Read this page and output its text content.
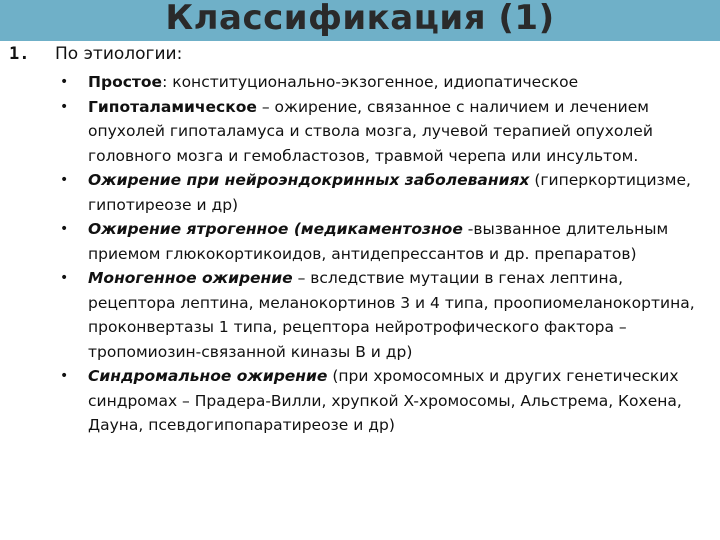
Классификация (1)
1. По этиологии:
• Простое: конституционально-экзогенное, идиопатическое
• Гипоталамическое – ожирение, связанное с наличием и лечением опухолей гипоталамуса и ствола мозга, лучевой терапией опухолей головного мозга и гемобластозов, травмой черепа или инсультом.
• Ожирение при нейроэндокринных заболеваниях (гиперкортицизме, гипотиреозе и др)
• Ожирение ятрогенное (медикаментозное -вызванное длительным приемом глюкокортикоидов, антидепрессантов и др. препаратов)
• Моногенное ожирение – вследствие мутации в генах лептина, рецептора лептина, меланокортинов 3 и 4 типа, проопиомеланокортина, проконвертазы 1 типа, рецептора нейротрофического фактора – тропомиозин-связанной киназы B и др)
• Синдромальное ожирение (при хромосомных и других генетических синдромах – Прадера-Вилли, хрупкой X-хромосомы, Альстрема, Кохена, Дауна, псевдогипопаратиреозе и др)
